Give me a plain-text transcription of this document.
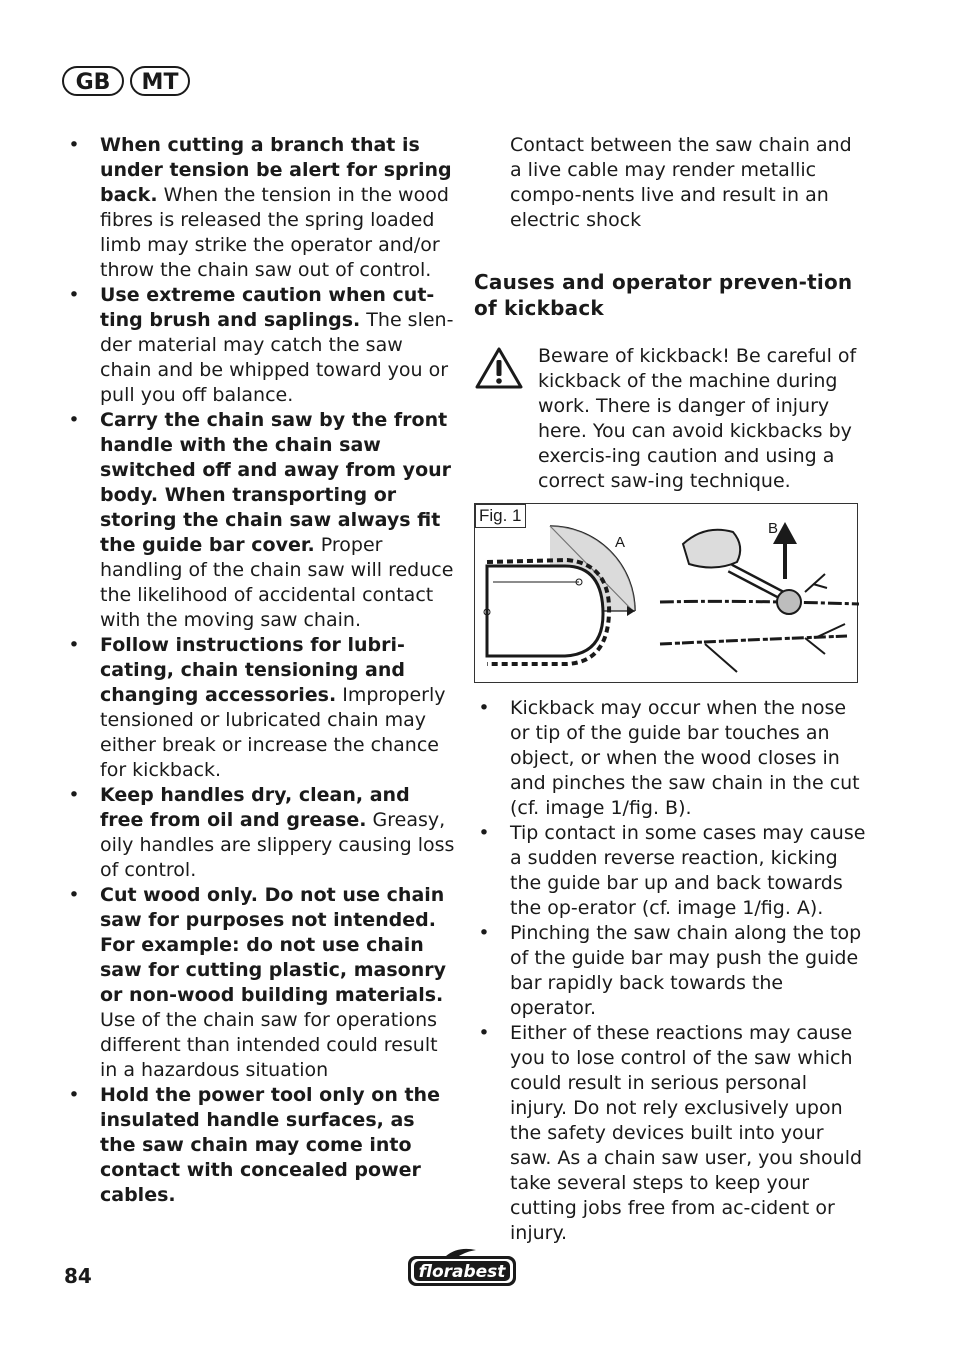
GB	MT
• When cutting a branch that is under tension be alert for spring back. When the tension in the wood fibres is released the spring loaded limb may strike the operator and/or throw the chain saw out of control.
• Use extreme caution when cut-ting brush and saplings. The slen-der material may catch the saw chain and be whipped toward you or pull you off balance.
• Carry the chain saw by the front handle with the chain saw switched off and away from your body. When transporting or storing the chain saw always fit the guide bar cover. Proper handling of the chain saw will reduce the likelihood of accidental contact with the moving saw chain.
• Follow instructions for lubri-cating, chain tensioning and changing accessories. Improperly tensioned or lubricated chain may either break or increase the chance for kickback.
• Keep handles dry, clean, and free from oil and grease. Greasy, oily handles are slippery causing loss of control.
• Cut wood only. Do not use chain saw for purposes not intended. For example: do not use chain saw for cutting plastic, masonry or non-wood building materials. Use of the chain saw for operations different than intended could result in a hazardous situation
• Hold the power tool only on the insulated handle surfaces, as the saw chain may come into contact with concealed power cables.
Contact between the saw chain and a live cable may render metallic compo-nents live and result in an electric shock
Causes and operator preven-tion of kickback
Beware of kickback! Be careful of kickback of the machine during work. There is danger of injury here. You can avoid kickbacks by exercis-ing caution and using a correct saw-ing technique.
Fig. 1
A
B
• Kickback may occur when the nose or tip of the guide bar touches an object, or when the wood closes in and pinches the saw chain in the cut (cf. image 1/fig. B).
• Tip contact in some cases may cause a sudden reverse reaction, kicking the guide bar up and back towards the op-erator (cf. image 1/fig. A).
• Pinching the saw chain along the top of the guide bar may push the guide bar rapidly back towards the operator.
• Either of these reactions may cause you to lose control of the saw which could result in serious personal injury. Do not rely exclusively upon the safety devices built into your saw. As a chain saw user, you should take several steps to keep your cutting jobs free from ac-cident or injury.
84	florabest
